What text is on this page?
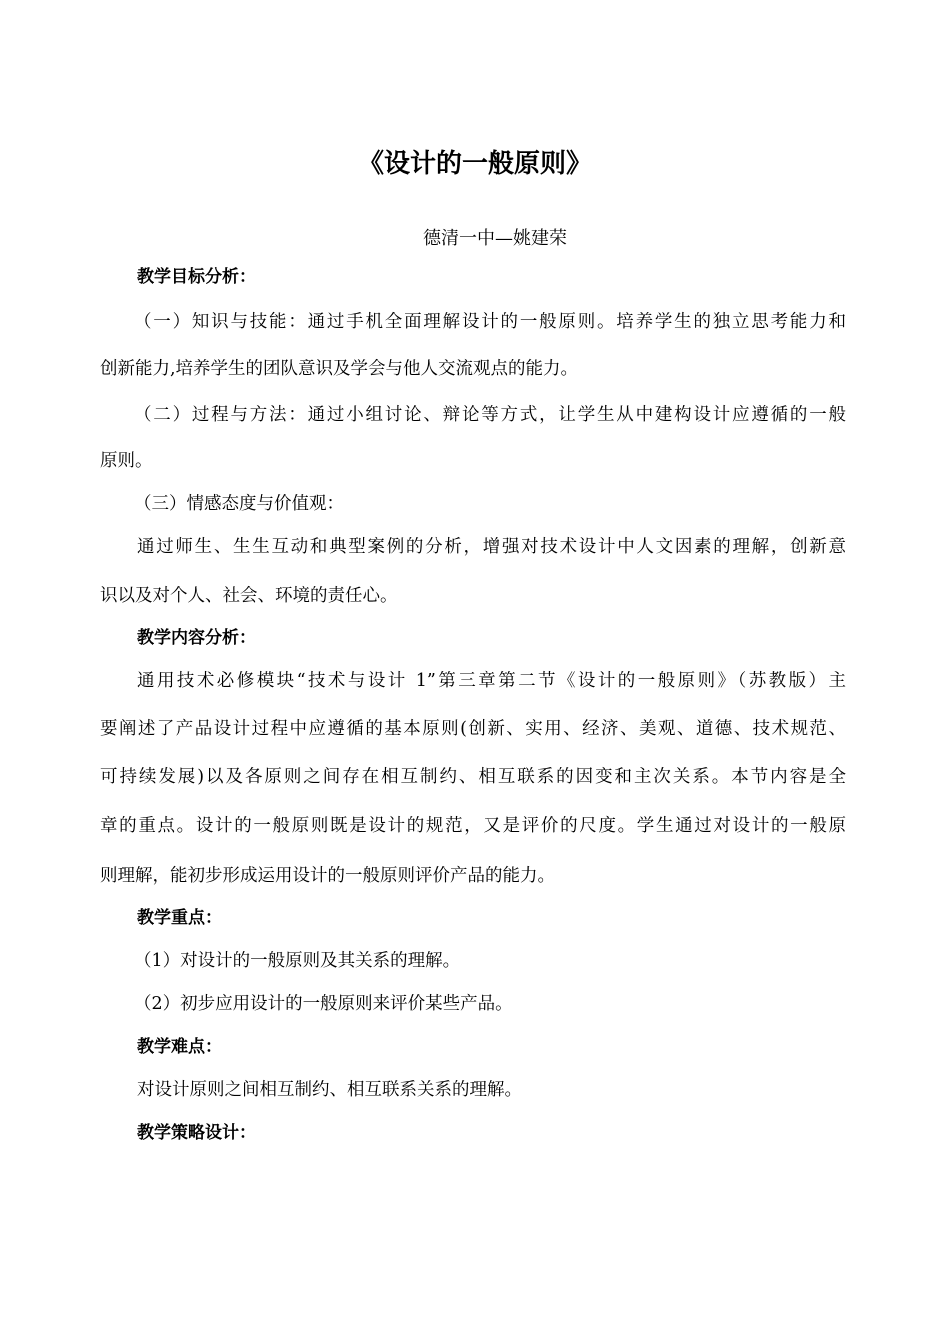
《设计的一般原则》
德清一中—姚建荣
教学目标分析：
（一）知识与技能：通过手机全面理解设计的一般原则。培养学生的独立思考能力和
创新能力,培养学生的团队意识及学会与他人交流观点的能力。
（二）过程与方法：通过小组讨论、辩论等方式，让学生从中建构设计应遵循的一般
原则。
（三）情感态度与价值观：
通过师生、生生互动和典型案例的分析，增强对技术设计中人文因素的理解，创新意
识以及对个人、社会、环境的责任心。
教学内容分析：
通用技术必修模块“技术与设计 1”第三章第二节《设计的一般原则》（苏教版）主
要阐述了产品设计过程中应遵循的基本原则(创新、实用、经济、美观、道德、技术规范、
可持续发展)以及各原则之间存在相互制约、相互联系的因变和主次关系。本节内容是全
章的重点。设计的一般原则既是设计的规范，又是评价的尺度。学生通过对设计的一般原
则理解，能初步形成运用设计的一般原则评价产品的能力。
教学重点：
（1）对设计的一般原则及其关系的理解。
（2）初步应用设计的一般原则来评价某些产品。
教学难点：
对设计原则之间相互制约、相互联系关系的理解。
教学策略设计：
